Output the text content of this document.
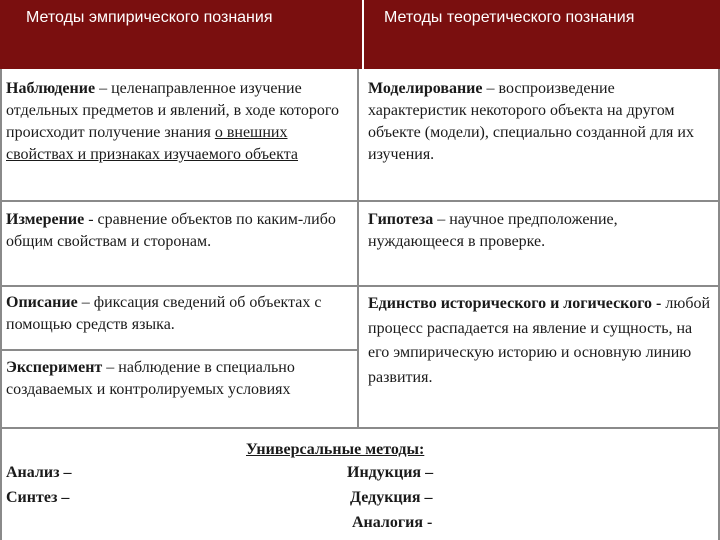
Методы эмпирического познания	Методы теоретического познания
Наблюдение – целенаправленное изучение отдельных предметов и явлений, в ходе которого происходит получение знания о внешних свойствах и признаках изучаемого объекта
Моделирование – воспроизведение характеристик некоторого объекта на другом объекте (модели), специально созданной для их изучения.
Измерение - сравнение объектов по каким-либо общим свойствам и сторонам.
Гипотеза – научное предположение, нуждающееся в проверке.
Описание – фиксация сведений об объектах с помощью средств языка.
Единство исторического и логического - любой процесс распадается на явление и сущность, на его эмпирическую историю и основную линию развития.
Эксперимент – наблюдение в специально создаваемых и контролируемых условиях
Универсальные методы:
Анализ –
Синтез –
Индукция –
Дедукция –
Аналогия -
